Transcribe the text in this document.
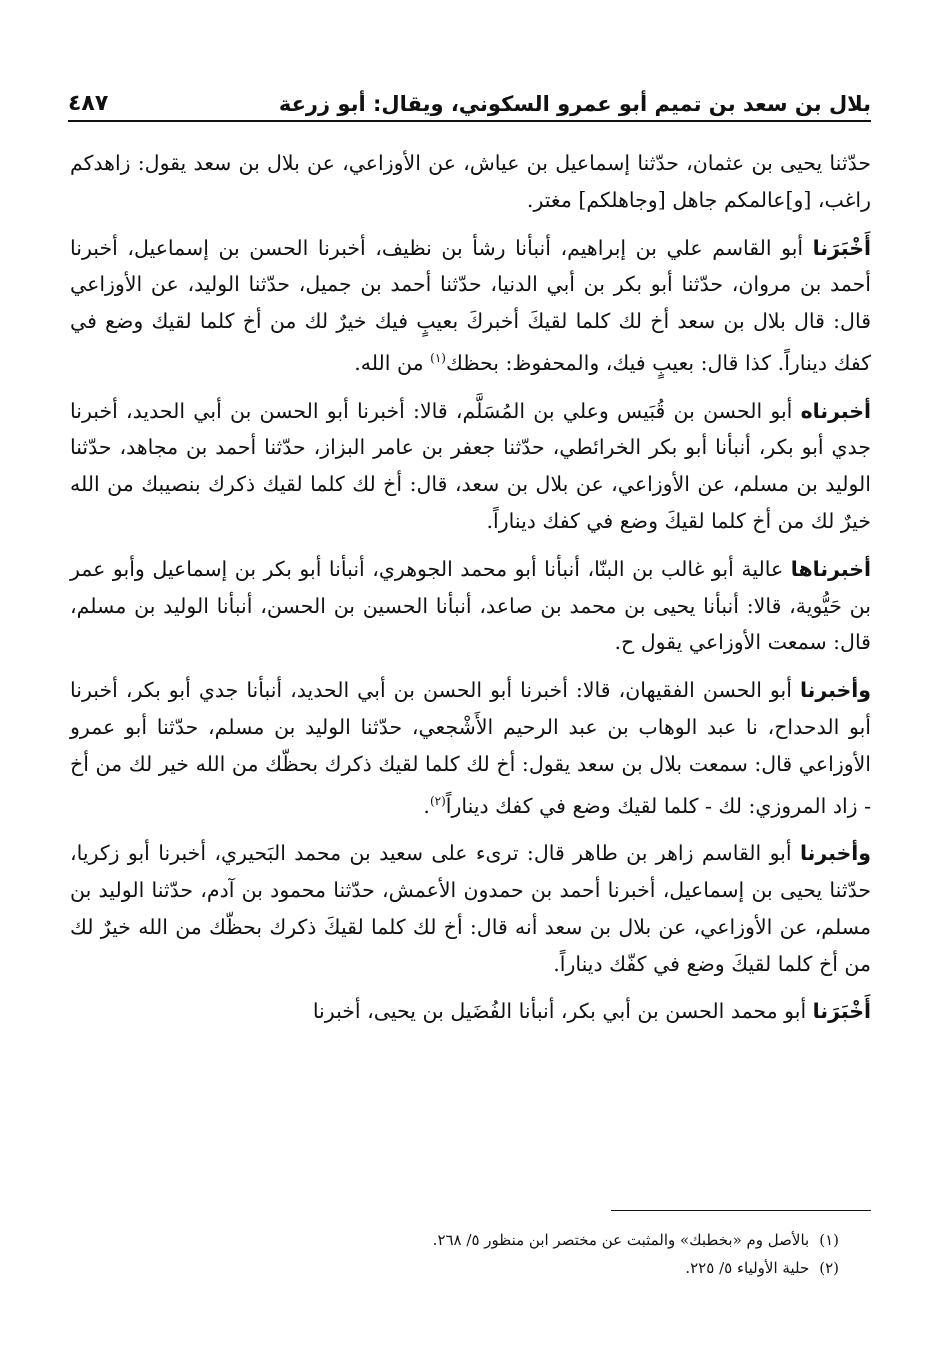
بلال بن سعد بن تميم أبو عمرو السكوني، ويقال: أبو زرعة
٤٨٧

حدّثنا يحيى بن عثمان، حدّثنا إسماعيل بن عياش، عن الأوزاعي، عن بلال بن سعد يقول: زاهدكم راغب، [و]عالمكم جاهل [وجاهلكم] مغتر.

أَخْبَرَنا أبو القاسم علي بن إبراهيم، أنبأنا رشأ بن نظيف، أخبرنا الحسن بن إسماعيل، أخبرنا أحمد بن مروان، حدّثنا أبو بكر بن أبي الدنيا، حدّثنا أحمد بن جميل، حدّثنا الوليد، عن الأوزاعي قال: قال بلال بن سعد أخ لك كلما لقيكَ أخبركَ بعيبٍ فيك خيرٌ لك من أخ كلما لقيك وضع في كفك ديناراً. كذا قال: بعيبٍ فيك، والمحفوظ: بحظك$^{(١)}$ من الله.

أخبرناه أبو الحسن بن قُبَيس وعلي بن المُسَلَّم، قالا: أخبرنا أبو الحسن بن أبي الحديد، أخبرنا جدي أبو بكر، أنبأنا أبو بكر الخرائطي، حدّثنا جعفر بن عامر البزاز، حدّثنا أحمد بن مجاهد، حدّثنا الوليد بن مسلم، عن الأوزاعي، عن بلال بن سعد، قال: أخ لك كلما لقيك ذكرك بنصيبك من الله خيرٌ لك من أخ كلما لقيكَ وضع في كفك ديناراً.

أخبرناها عالية أبو غالب بن البنّا، أنبأنا أبو محمد الجوهري، أنبأنا أبو بكر بن إسماعيل وأبو عمر بن حَيُّوية، قالا: أنبأنا يحيى بن محمد بن صاعد، أنبأنا الحسين بن الحسن، أنبأنا الوليد بن مسلم، قال: سمعت الأوزاعي يقول ح.

وأخبرنا أبو الحسن الفقيهان، قالا: أخبرنا أبو الحسن بن أبي الحديد، أنبأنا جدي أبو بكر، أخبرنا أبو الدحداح، نا عبد الوهاب بن عبد الرحيم الأَشْجعي، حدّثنا الوليد بن مسلم، حدّثنا أبو عمرو الأوزاعي قال: سمعت بلال بن سعد يقول: أخ لك كلما لقيك ذكرك بحظّك من الله خير لك من أخ - زاد المروزي: لك - كلما لقيك وضع في كفك ديناراً$^{(٢)}$.

وأخبرنا أبو القاسم زاهر بن طاهر قال: ترىء على سعيد بن محمد البَحيري، أخبرنا أبو زكريا، حدّثنا يحيى بن إسماعيل، أخبرنا أحمد بن حمدون الأعمش، حدّثنا محمود بن آدم، حدّثنا الوليد بن مسلم، عن الأوزاعي، عن بلال بن سعد أنه قال: أخ لك كلما لقيكَ ذكرك بحظّك من الله خيرٌ لك من أخ كلما لقيكَ وضع في كفّك ديناراً.

أَخْبَرَنا أبو محمد الحسن بن أبي بكر، أنبأنا الفُضَيل بن يحيى، أخبرنا

(١)
بالأصل وم «بخطبك» والمثبت عن مختصر ابن منظور ٥/ ٢٦٨.
(٢)
حلية الأولياء ٥/ ٢٢٥.
